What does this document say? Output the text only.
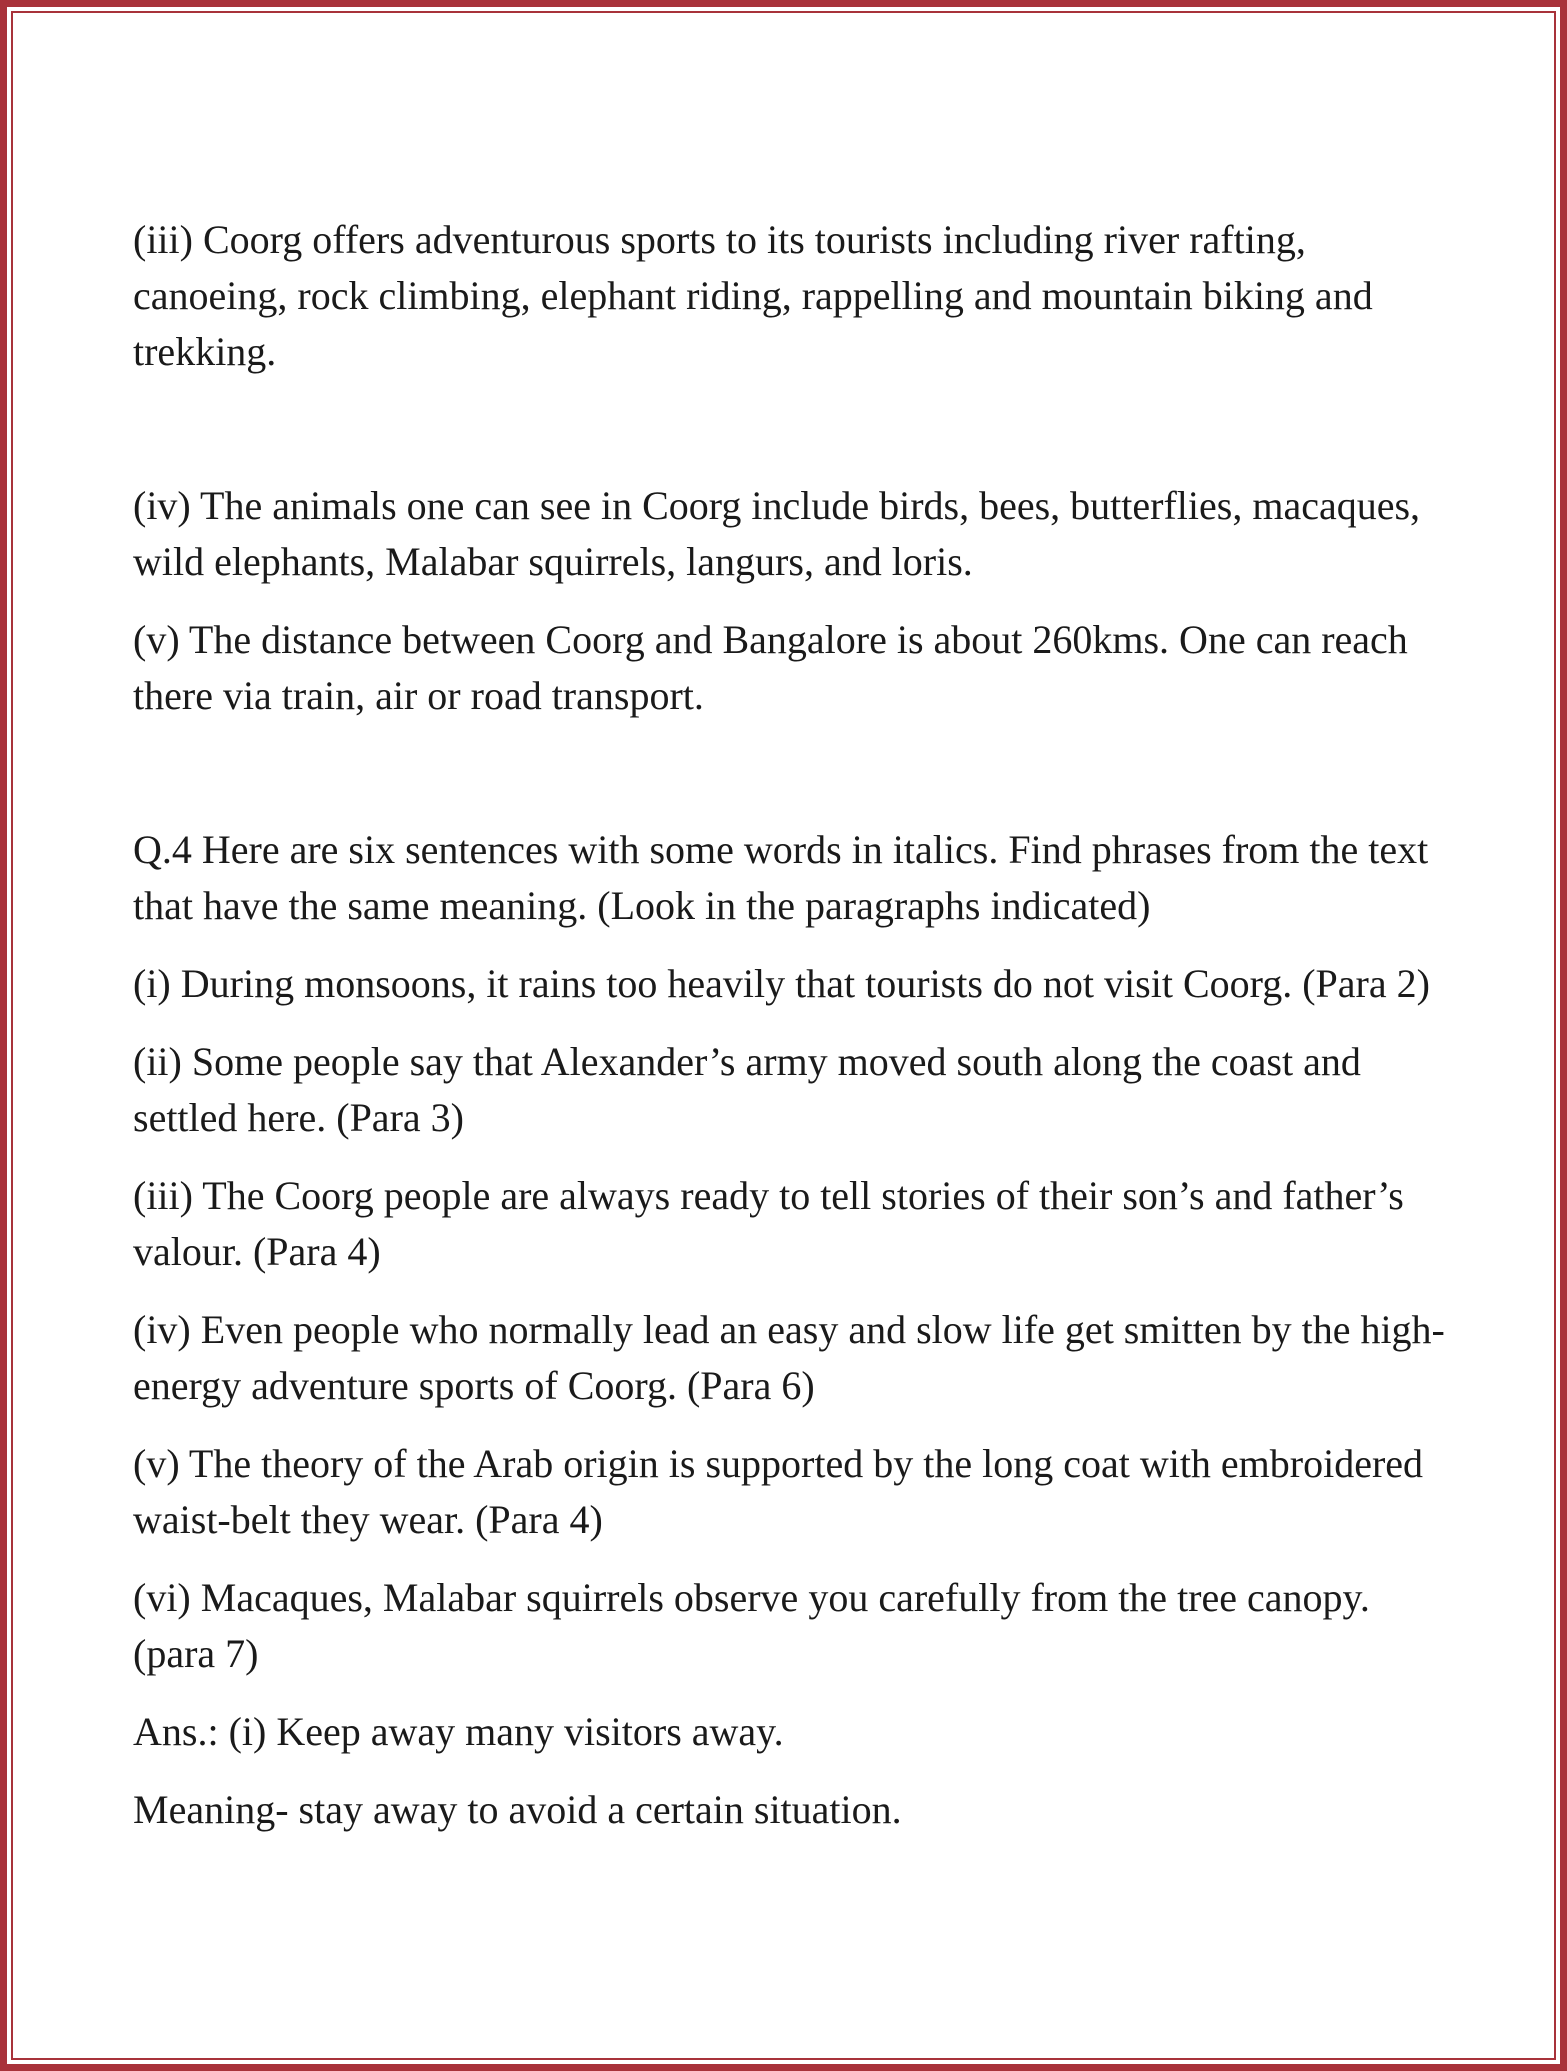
(iii) Coorg offers adventurous sports to its tourists including river rafting, canoeing, rock climbing, elephant riding, rappelling and mountain biking and trekking.

(iv) The animals one can see in Coorg include birds, bees, butterflies, macaques, wild elephants, Malabar squirrels, langurs, and loris.

(v) The distance between Coorg and Bangalore is about 260kms. One can reach there via train, air or road transport.

Q.4 Here are six sentences with some words in italics. Find phrases from the text that have the same meaning. (Look in the paragraphs indicated)

(i) During monsoons, it rains too heavily that tourists do not visit Coorg. (Para 2)

(ii) Some people say that Alexander’s army moved south along the coast and settled here. (Para 3)

(iii) The Coorg people are always ready to tell stories of their son’s and father’s valour. (Para 4)

(iv) Even people who normally lead an easy and slow life get smitten by the high-energy adventure sports of Coorg. (Para 6)

(v) The theory of the Arab origin is supported by the long coat with embroidered waist-belt they wear. (Para 4)

(vi) Macaques, Malabar squirrels observe you carefully from the tree canopy. (para 7)

Ans.: (i) Keep away many visitors away.

Meaning- stay away to avoid a certain situation.
